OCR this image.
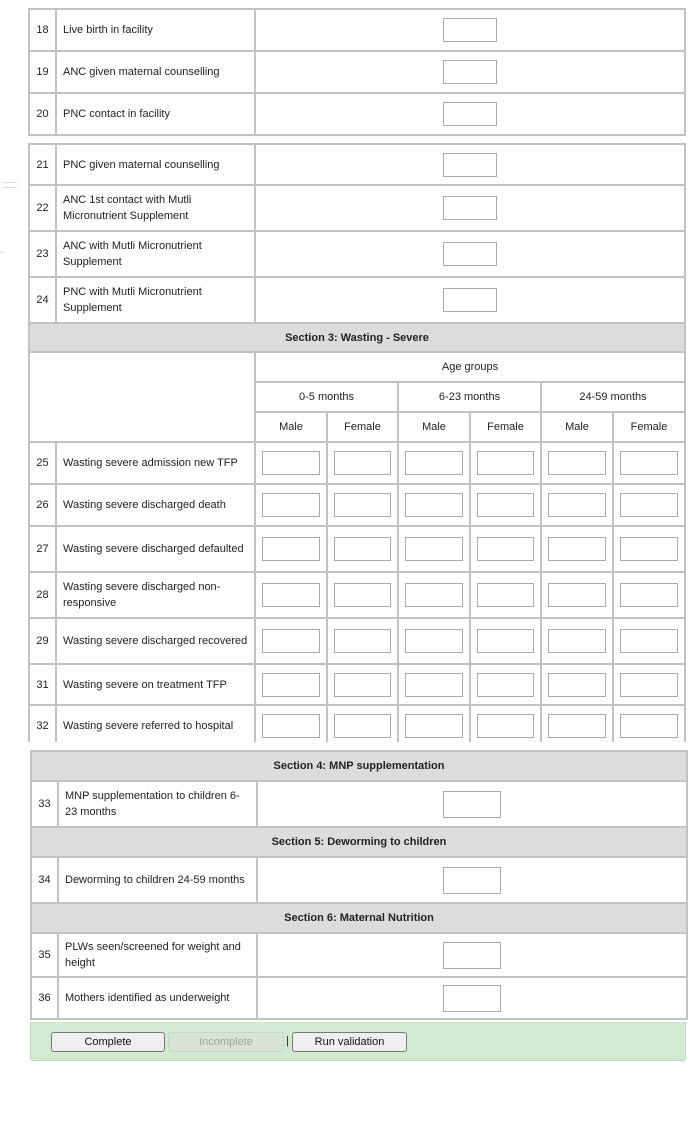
18	Live birth in facility	
19	ANC given maternal counselling	
20	PNC contact in facility	
21	PNC given maternal counselling	
22	ANC 1st contact with Mutli Micronutrient Supplement	
23	ANC with Mutli Micronutrient Supplement	
24	PNC with Mutli Micronutrient Supplement	
Section 3: Wasting - Severe							
		Age groups					
		0-5 months		6-23 months		24-59 months	
		Male	Female	Male	Female	Male	Female
25	Wasting severe admission new TFP						
26	Wasting severe discharged death						
27	Wasting severe discharged defaulted						
28	Wasting severe discharged non-responsive						
29	Wasting severe discharged recovered						
31	Wasting severe on treatment TFP						
32	Wasting severe referred to hospital						
Section 4: MNP supplementation		
33	MNP supplementation to children 6-23 months	
Section 5: Deworming to children		
34	Deworming to children 24-59 months	
Section 6: Maternal Nutrition		
35	PLWs seen/screened for weight and height	
36	Mothers identified as underweight	
Complete	Incomplete	|	Run validation
